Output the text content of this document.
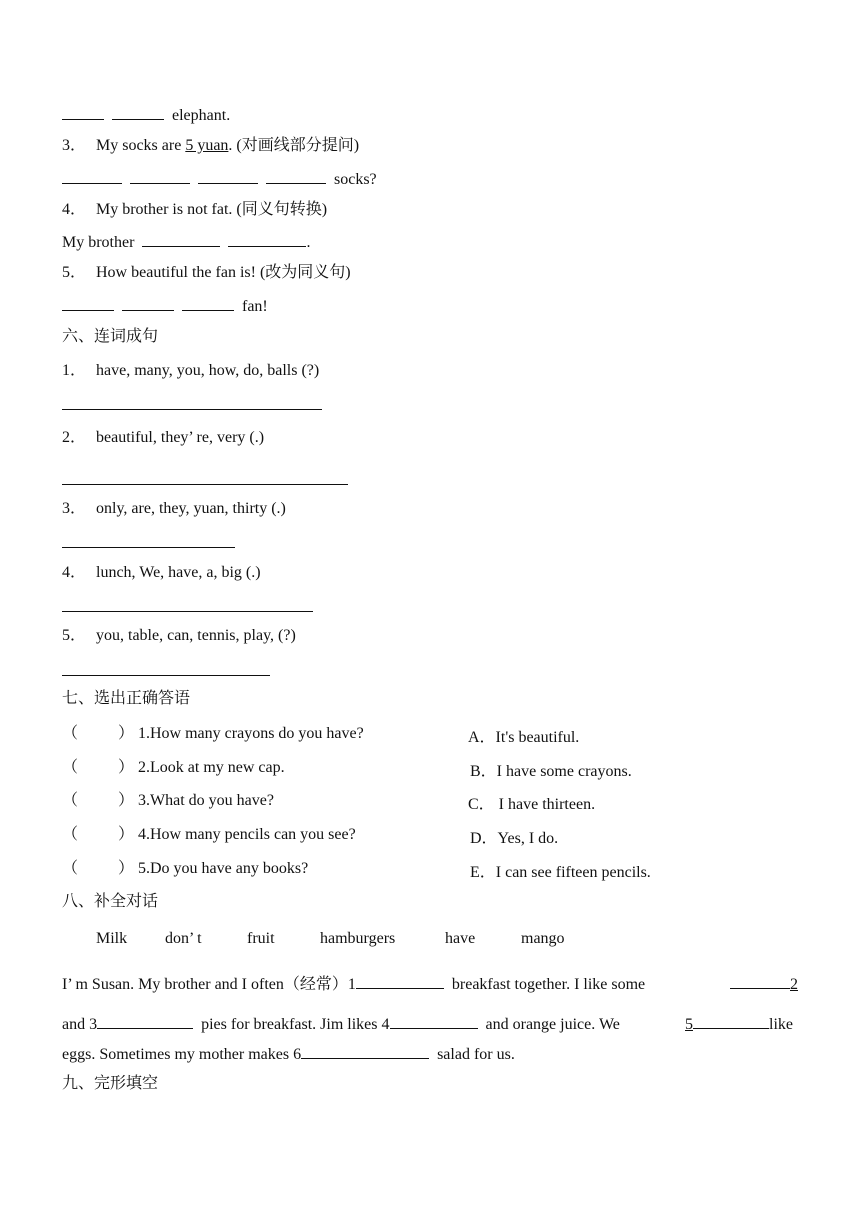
elephant.
3． My socks are 5 yuan. (对画线部分提问)
socks?
4． My brother is not fat. (同义句转换)
My brother	.
5． How beautiful the fan is! (改为同义句)
fan!
六、连词成句
1． have, many, you, how, do, balls (?)
2． beautiful, they’ re, very (.)
3． only, are, they, yuan, thirty (.)
4． lunch, We, have, a, big (.)
5． you, table, can, tennis, play, (?)
七、选出正确答语
（	） 1.How many crayons do you have?	A．It's beautiful.
（	） 2.Look at my new cap.	B．I have some crayons.
（	） 3.What do you have?	C． I have thirteen.
（	） 4.How many pencils can you see?	D．Yes, I do.
（	） 5.Do you have any books?	E．I can see fifteen pencils.
八、补全对话
Milk don’ t	fruit	hamburgers	have	mango
I’ m Susan. My brother and I often（经常）1	breakfast together. I like some	2
and 3	pies for breakfast. Jim likes 4	and orange juice. We	5	like
eggs. Sometimes my mother makes 6	salad for us.
九、完形填空
